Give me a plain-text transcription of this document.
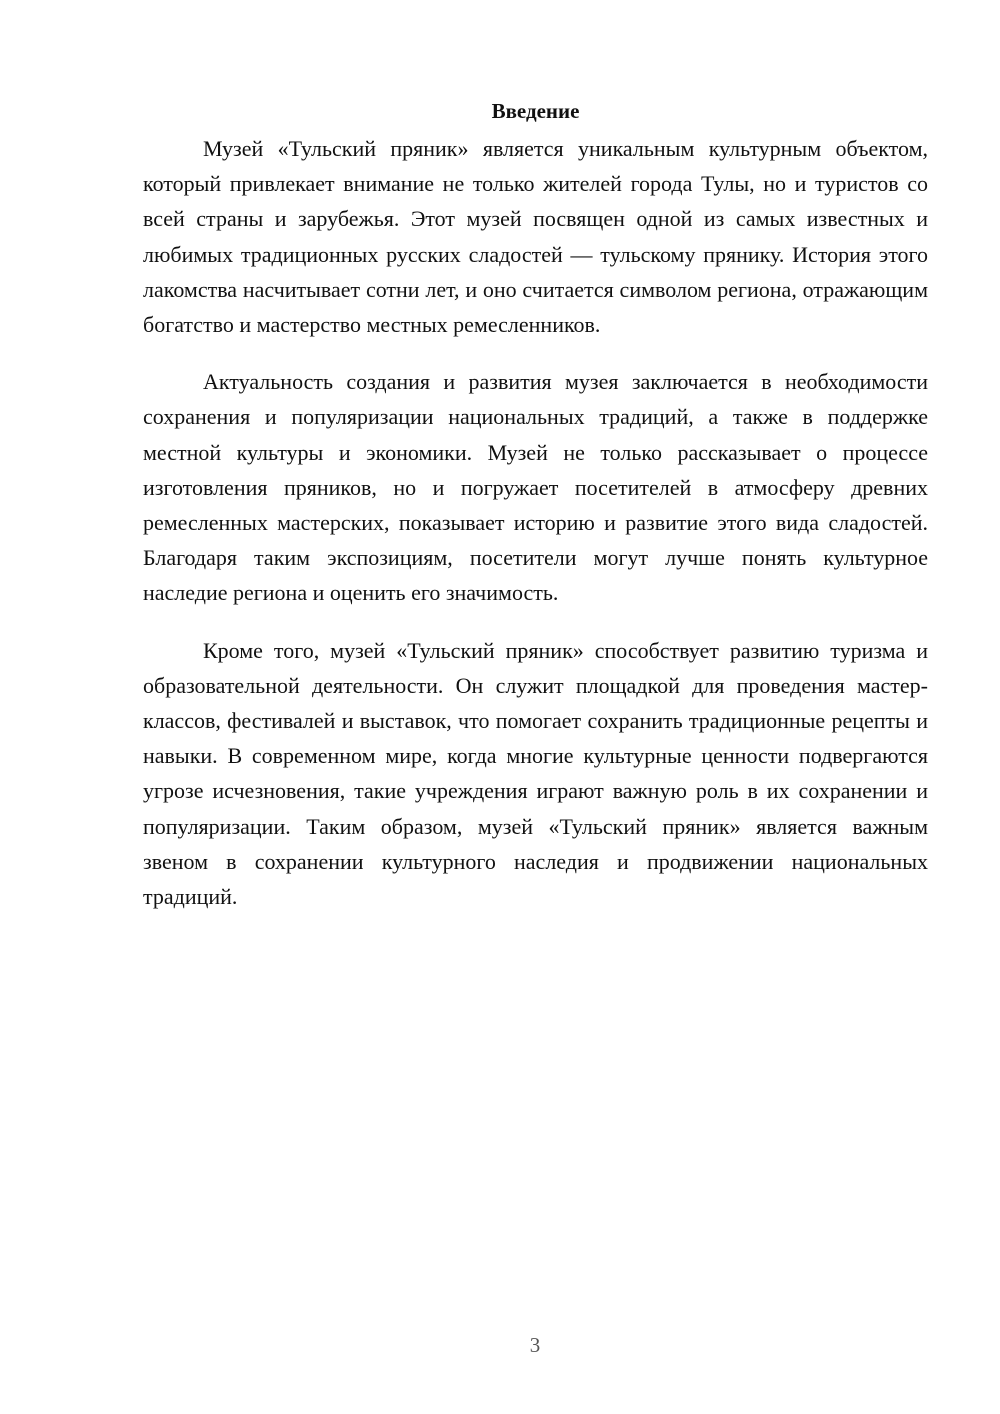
Введение

Музей «Тульский пряник» является уникальным культурным объектом, который привлекает внимание не только жителей города Тулы, но и туристов со всей страны и зарубежья. Этот музей посвящен одной из самых известных и любимых традиционных русских сладостей — тульскому прянику. История этого лакомства насчитывает сотни лет, и оно считается символом региона, отражающим богатство и мастерство местных ремесленников.

Актуальность создания и развития музея заключается в необходимости сохранения и популяризации национальных традиций, а также в поддержке местной культуры и экономики. Музей не только рассказывает о процессе изготовления пряников, но и погружает посетителей в атмосферу древних ремесленных мастерских, показывает историю и развитие этого вида сладостей. Благодаря таким экспозициям, посетители могут лучше понять культурное наследие региона и оценить его значимость.

Кроме того, музей «Тульский пряник» способствует развитию туризма и образовательной деятельности. Он служит площадкой для проведения мастер-классов, фестивалей и выставок, что помогает сохранить традиционные рецепты и навыки. В современном мире, когда многие культурные ценности подвергаются угрозе исчезновения, такие учреждения играют важную роль в их сохранении и популяризации. Таким образом, музей «Тульский пряник» является важным звеном в сохранении культурного наследия и продвижении национальных традиций.

3
